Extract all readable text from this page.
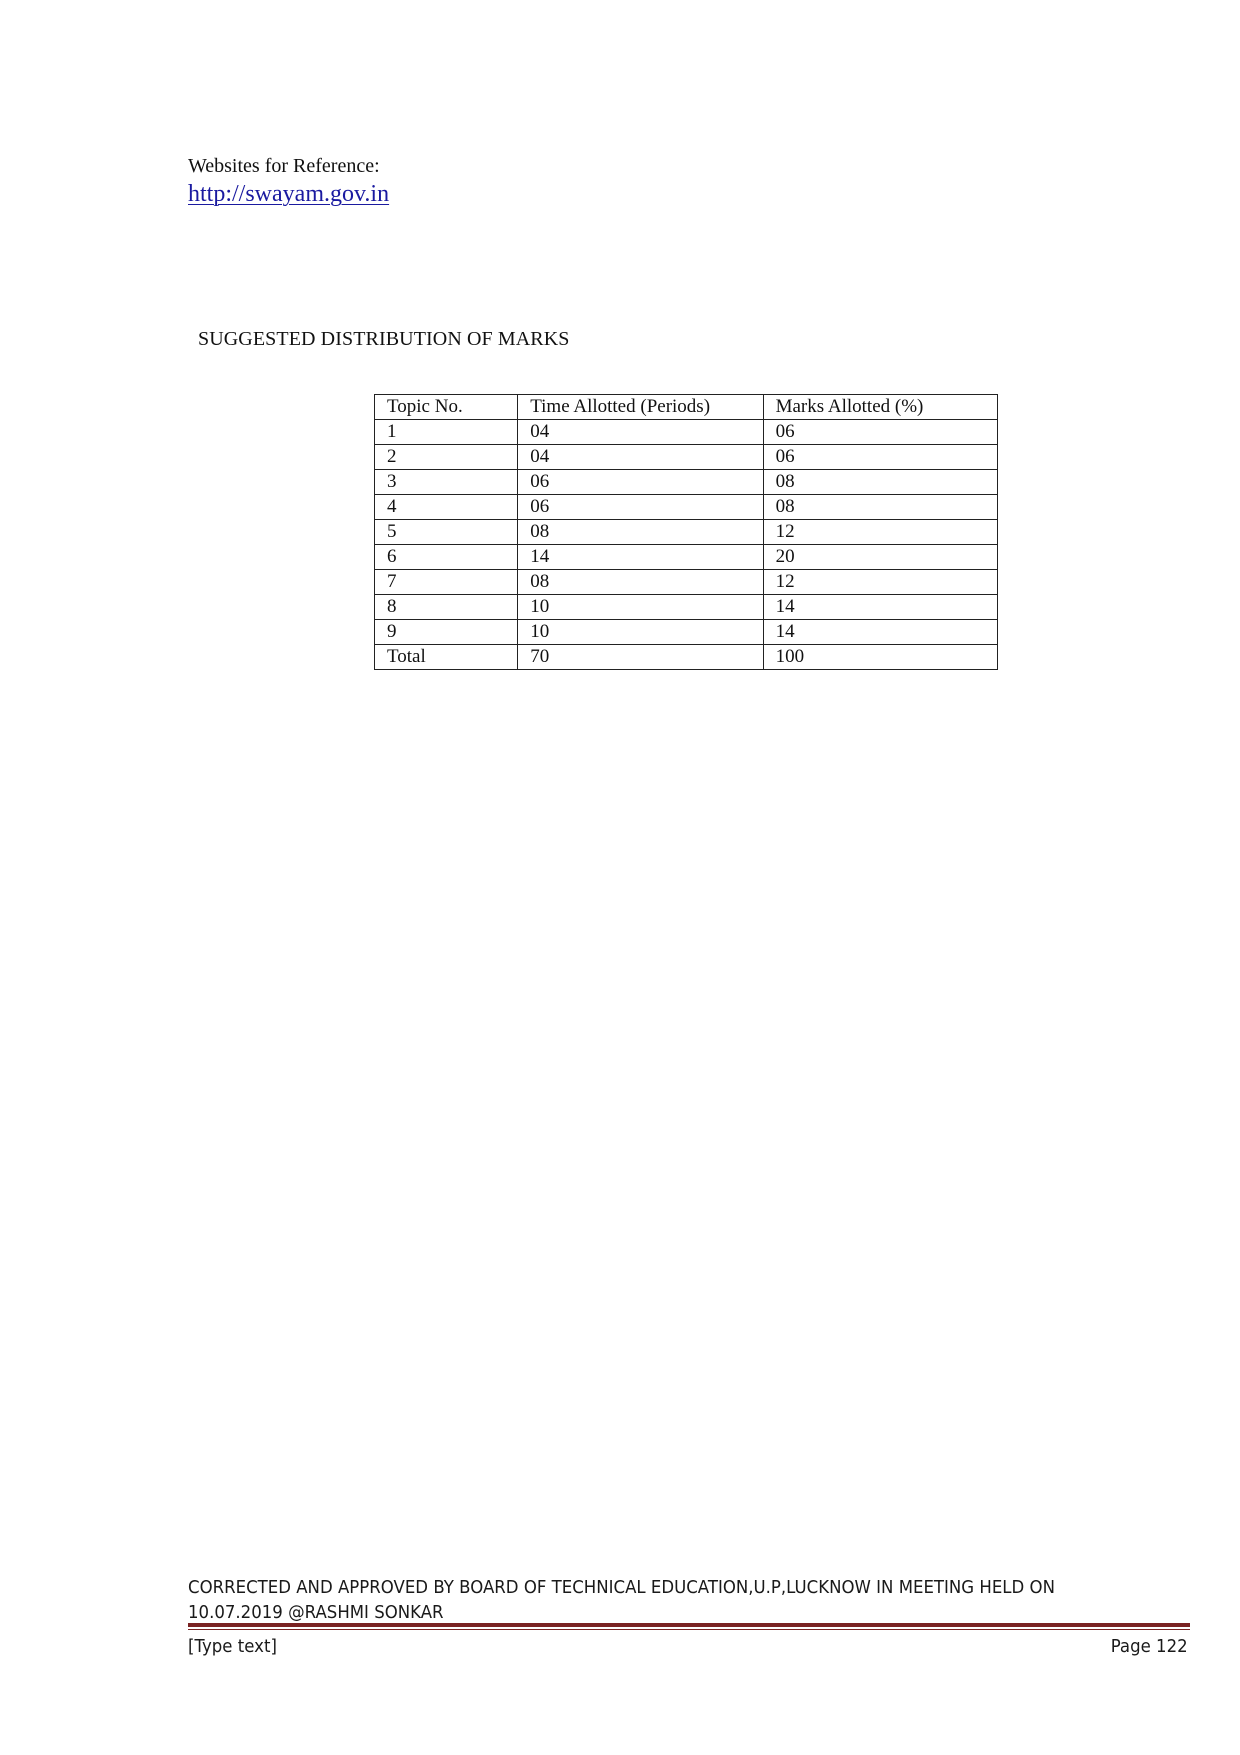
Websites for Reference:
http://swayam.gov.in
SUGGESTED DISTRIBUTION OF MARKS
Topic No.	Time Allotted (Periods)	Marks Allotted (%)
1	04	06
2	04	06
3	06	08
4	06	08
5	08	12
6	14	20
7	08	12
8	10	14
9	10	14
Total	70	100
CORRECTED AND APPROVED BY BOARD OF TECHNICAL EDUCATION,U.P,LUCKNOW IN MEETING HELD ON
10.07.2019 @RASHMI SONKAR
[Type text]	Page 122
